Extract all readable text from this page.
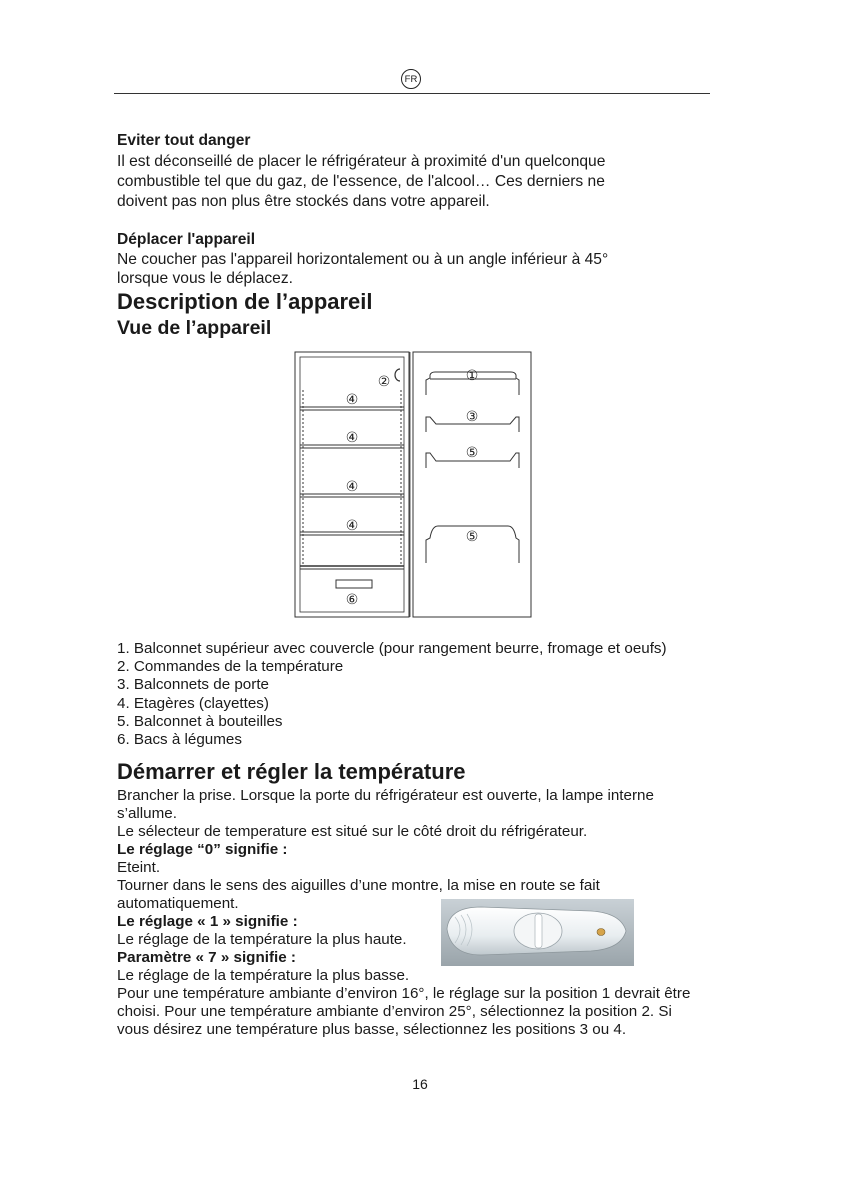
FR
Eviter tout danger
Il est déconseillé de placer le réfrigérateur à proximité d'un quelconque
combustible tel que du gaz, de l'essence, de l'alcool… Ces derniers ne
doivent pas non plus être stockés dans votre appareil.
Déplacer l'appareil
Ne coucher pas l'appareil horizontalement ou à un angle inférieur à 45°
lorsque vous le déplacez.
Description de l’appareil
Vue de l’appareil
②
④
④
④
④
⑥
①
③
⑤
⑤
1. Balconnet supérieur avec couvercle (pour rangement beurre, fromage et oeufs)
2. Commandes de la température
3. Balconnets de porte
4. Etagères (clayettes)
5. Balconnet à bouteilles
6. Bacs à légumes
Démarrer et régler la température
Brancher la prise. Lorsque la porte du réfrigérateur est ouverte, la lampe interne
s’allume.
Le sélecteur de temperature est situé sur le côté droit du réfrigérateur.
Le réglage “0” signifie :
Eteint.
Tourner dans le sens des aiguilles d’une montre, la mise en route se fait
automatiquement.
Le réglage « 1 » signifie :
Le réglage de la température la plus haute.
Paramètre « 7 » signifie :
Le réglage de la température la plus basse.
Pour une température ambiante d’environ 16°, le réglage sur la position 1 devrait être
choisi. Pour une température ambiante d’environ 25°, sélectionnez la position 2. Si
vous désirez une température plus basse, sélectionnez les positions 3 ou 4.
16
